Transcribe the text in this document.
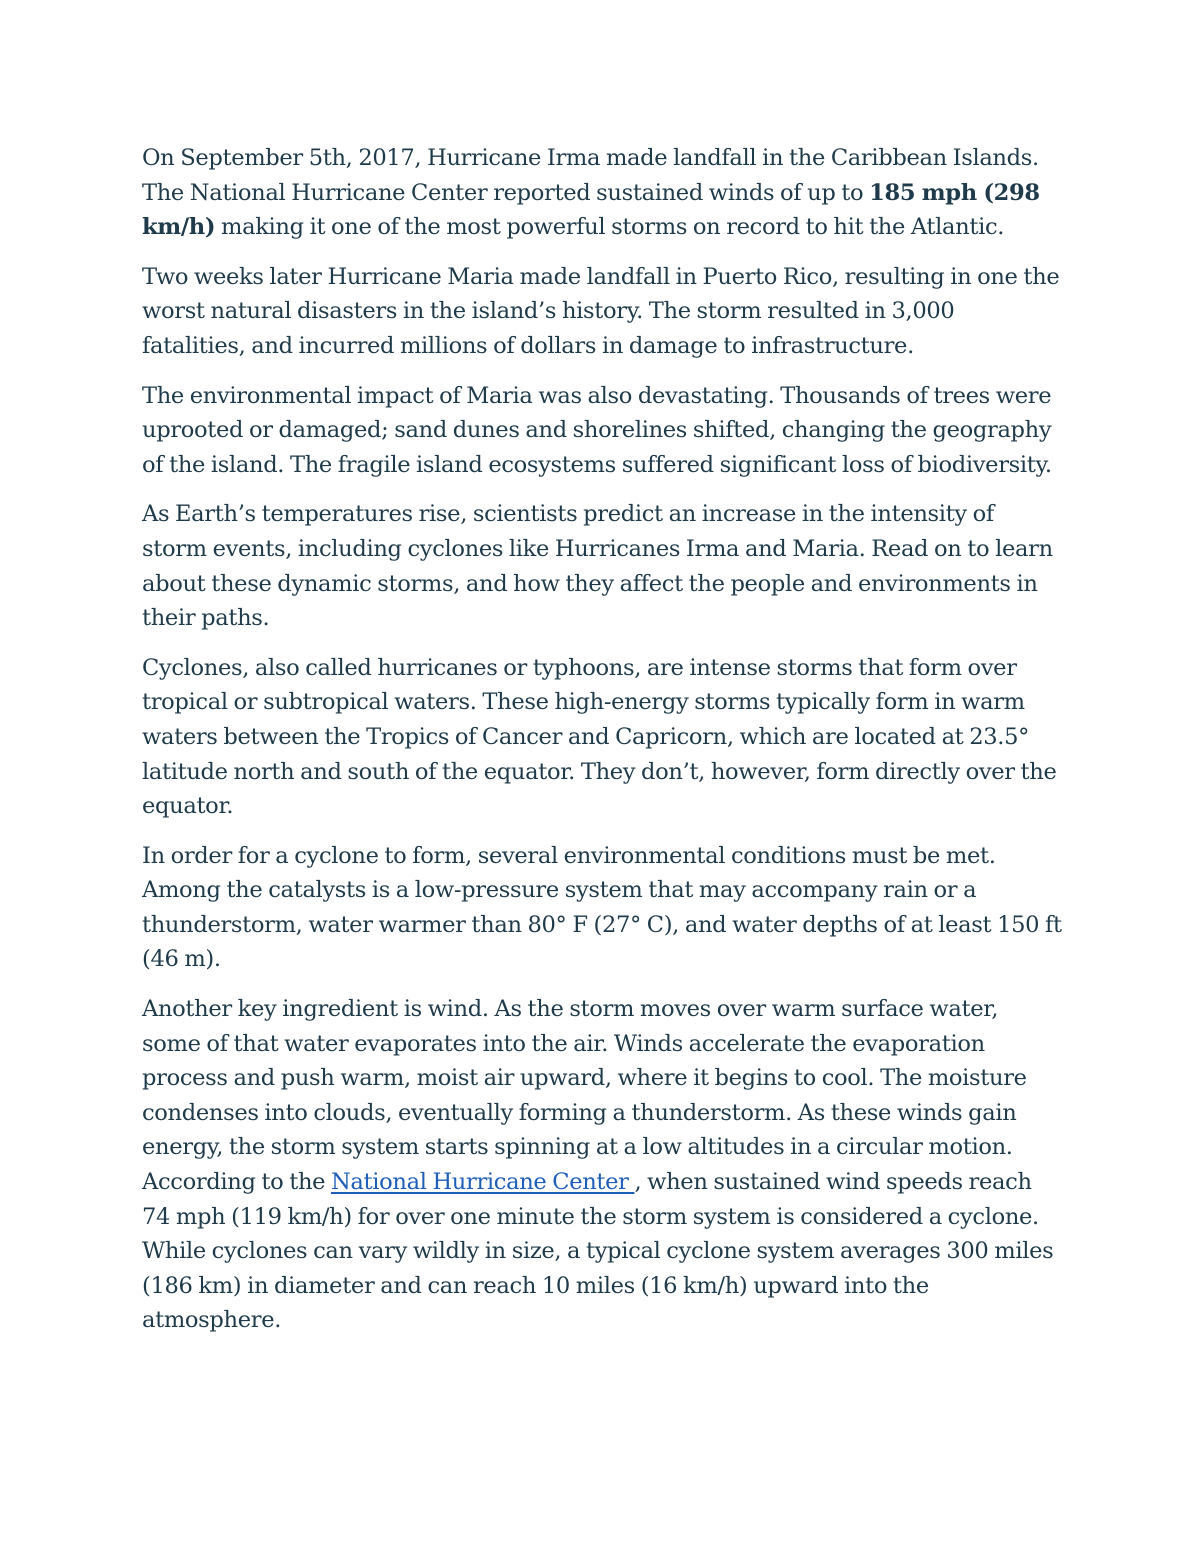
On September 5th, 2017, Hurricane Irma made landfall in the Caribbean Islands. The National Hurricane Center reported sustained winds of up to 185 mph (298 km/h) making it one of the most powerful storms on record to hit the Atlantic.

Two weeks later Hurricane Maria made landfall in Puerto Rico, resulting in one the worst natural disasters in the island’s history. The storm resulted in 3,000 fatalities, and incurred millions of dollars in damage to infrastructure.

The environmental impact of Maria was also devastating. Thousands of trees were uprooted or damaged; sand dunes and shorelines shifted, changing the geography of the island. The fragile island ecosystems suffered significant loss of biodiversity.

As Earth’s temperatures rise, scientists predict an increase in the intensity of storm events, including cyclones like Hurricanes Irma and Maria. Read on to learn about these dynamic storms, and how they affect the people and environments in their paths.

Cyclones, also called hurricanes or typhoons, are intense storms that form over tropical or subtropical waters. These high-energy storms typically form in warm waters between the Tropics of Cancer and Capricorn, which are located at 23.5° latitude north and south of the equator. They don’t, however, form directly over the equator.

In order for a cyclone to form, several environmental conditions must be met. Among the catalysts is a low-pressure system that may accompany rain or a thunderstorm, water warmer than 80° F (27° C), and water depths of at least 150 ft (46 m).

Another key ingredient is wind. As the storm moves over warm surface water, some of that water evaporates into the air. Winds accelerate the evaporation process and push warm, moist air upward, where it begins to cool. The moisture condenses into clouds, eventually forming a thunderstorm. As these winds gain energy, the storm system starts spinning at a low altitudes in a circular motion. According to the National Hurricane Center , when sustained wind speeds reach 74 mph (119 km/h) for over one minute the storm system is considered a cyclone. While cyclones can vary wildly in size, a typical cyclone system averages 300 miles (186 km) in diameter and can reach 10 miles (16 km/h) upward into the atmosphere.
